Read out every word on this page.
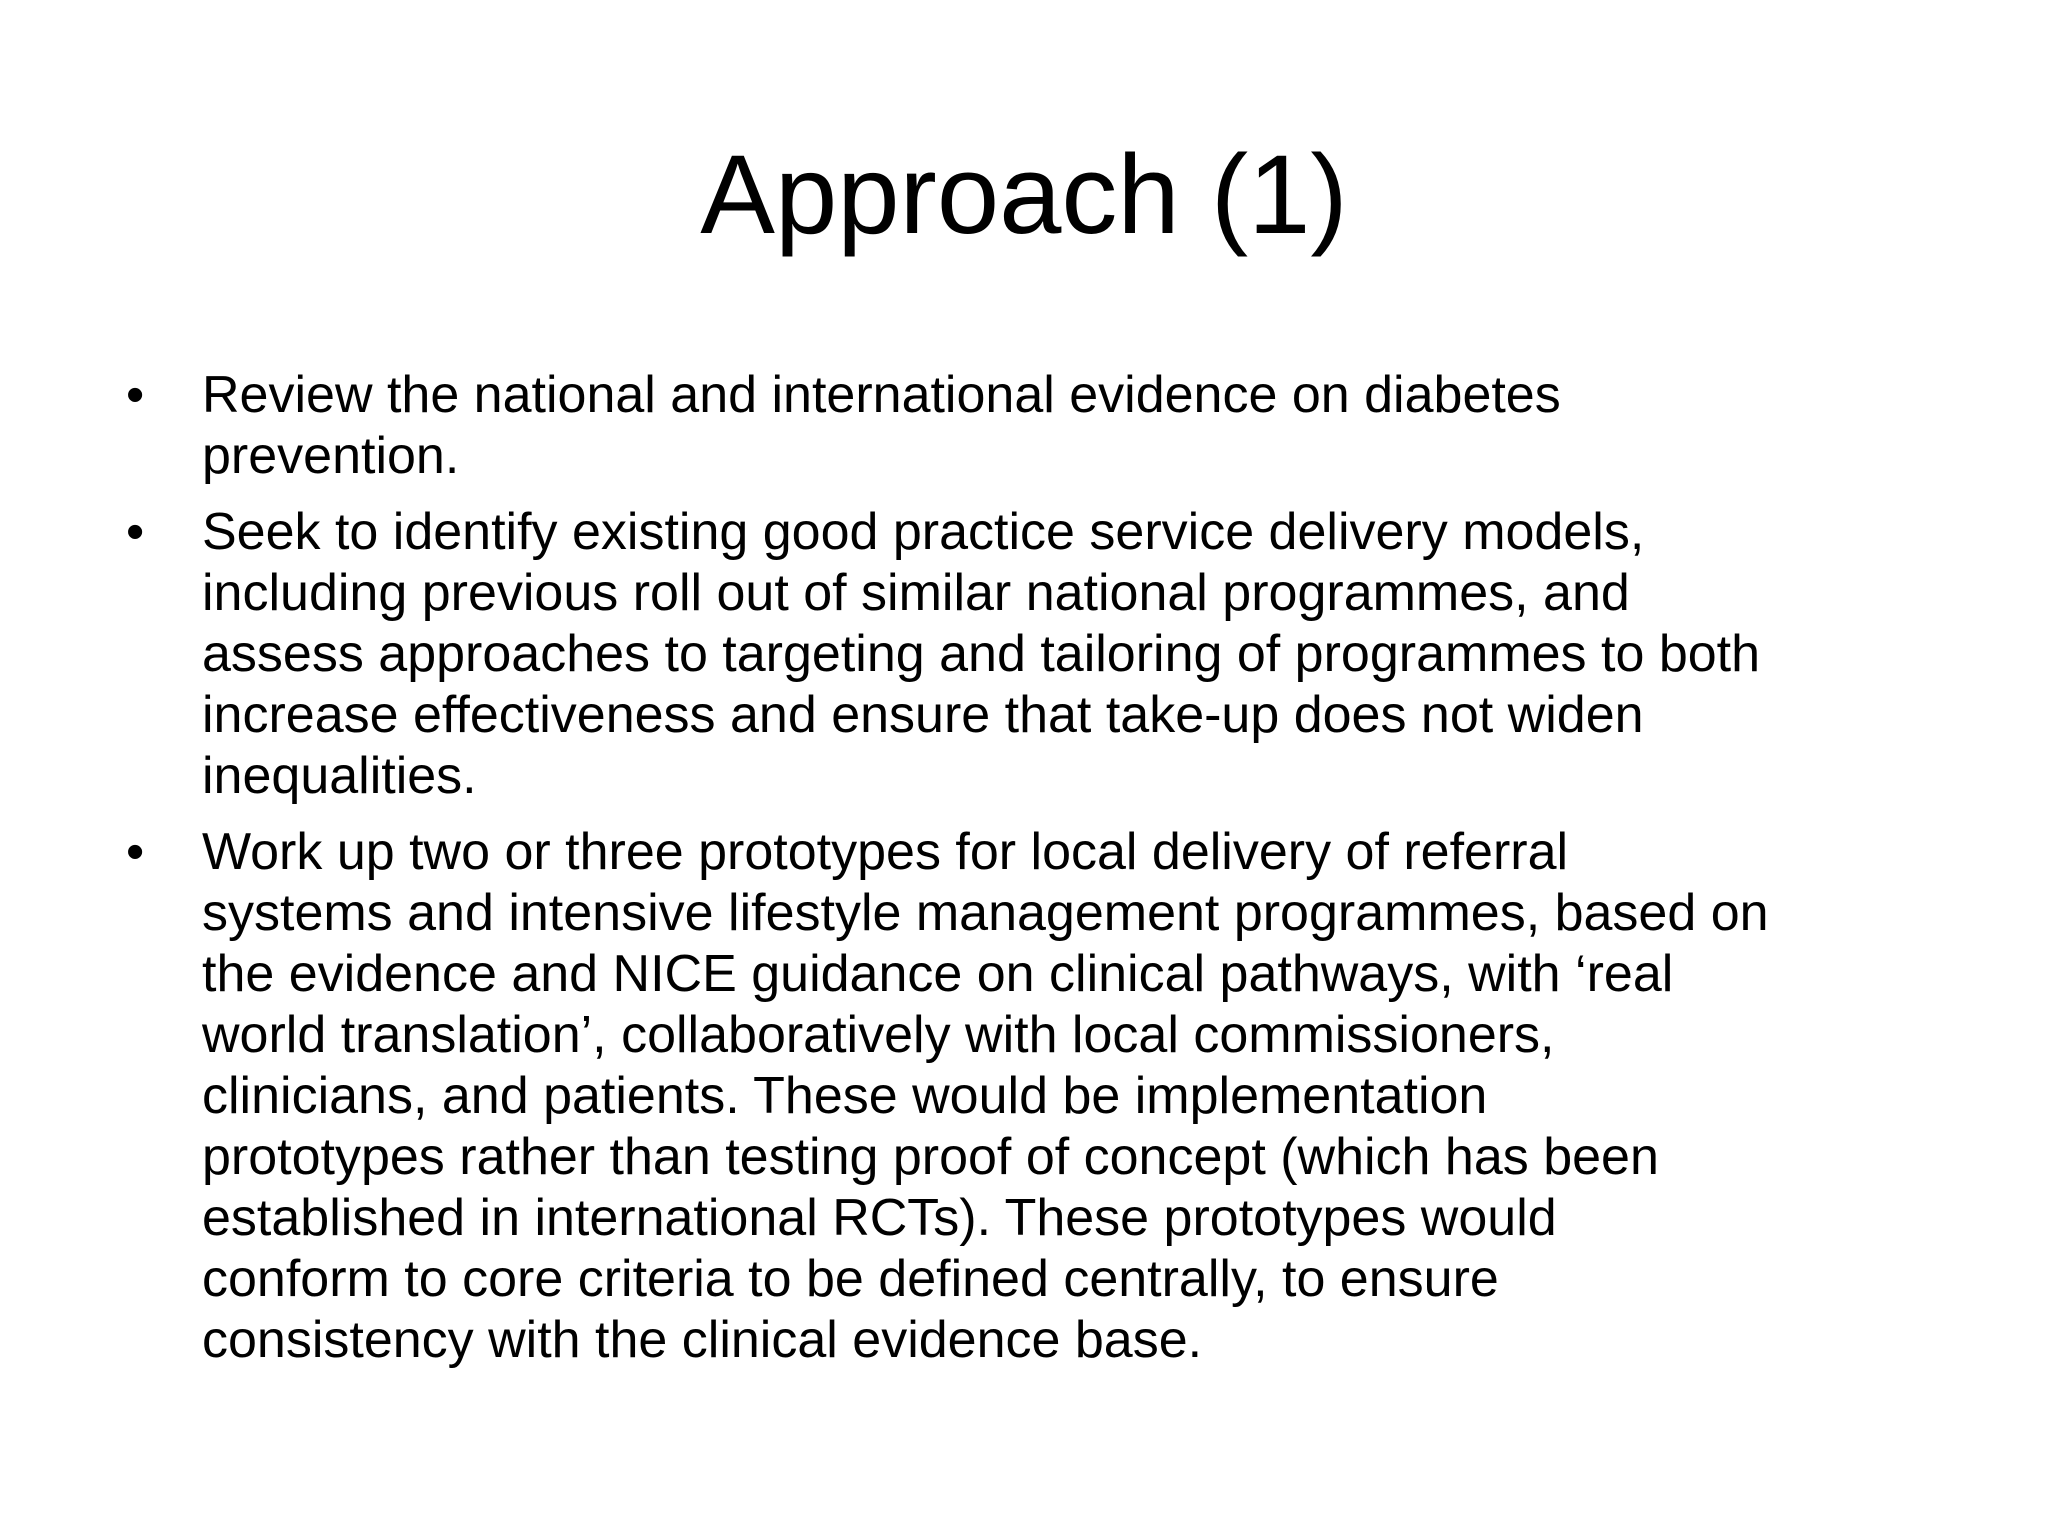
Approach (1)
•	Review the national and international evidence on diabetes
prevention.
•	Seek to identify existing good practice service delivery models,
including previous roll out of similar national programmes, and
assess approaches to targeting and tailoring of programmes to both
increase effectiveness and ensure that take-up does not widen
inequalities.
•	Work up two or three prototypes for local delivery of referral
systems and intensive lifestyle management programmes, based on
the evidence and NICE guidance on clinical pathways, with ‘real
world translation’, collaboratively with local commissioners,
clinicians, and patients. These would be implementation
prototypes rather than testing proof of concept (which has been
established in international RCTs). These prototypes would
conform to core criteria to be defined centrally, to ensure
consistency with the clinical evidence base.
